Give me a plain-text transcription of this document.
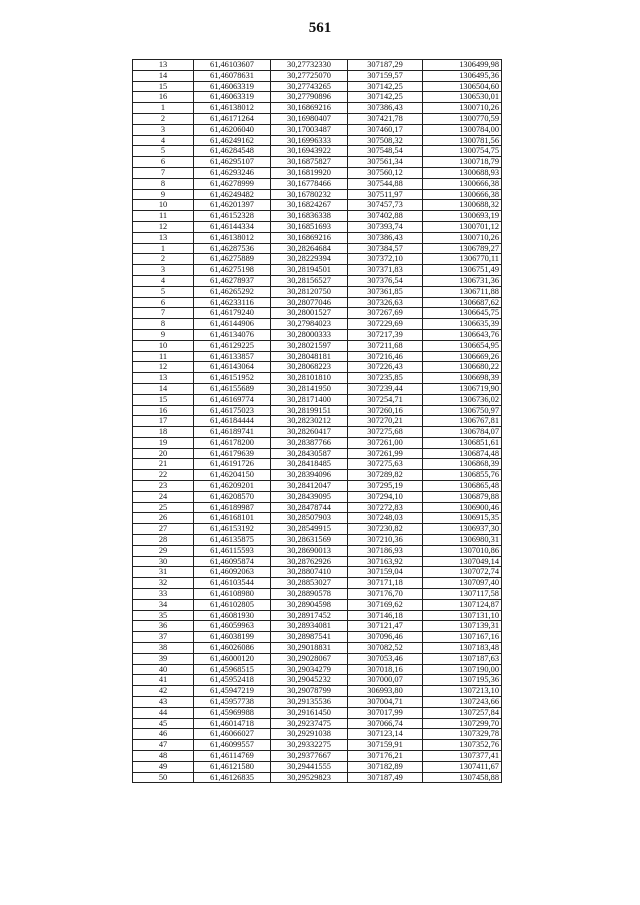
561
13	61,46103607	30,27732330	307187,29	1306499,98
14	61,46078631	30,27725070	307159,57	1306495,36
15	61,46063319	30,27743265	307142,25	1306504,60
16	61,46063319	30,27790896	307142,25	1306530,01
1	61,46138012	30,16869216	307386,43	1300710,26
2	61,46171264	30,16980407	307421,78	1300770,59
3	61,46206040	30,17003487	307460,17	1300784,00
4	61,46249162	30,16996333	307508,32	1300781,56
5	61,46284548	30,16943922	307548,54	1300754,75
6	61,46295107	30,16875827	307561,34	1300718,79
7	61,46293246	30,16819920	307560,12	1300688,93
8	61,46278999	30,16778466	307544,88	1300666,38
9	61,46249482	30,16780232	307511,97	1300666,38
10	61,46201397	30,16824267	307457,73	1300688,32
11	61,46152328	30,16836338	307402,88	1300693,19
12	61,46144334	30,16851693	307393,74	1300701,12
13	61,46138012	30,16869216	307386,43	1300710,26
1	61,46287536	30,28264684	307384,57	1306789,27
2	61,46275889	30,28229394	307372,10	1306770,11
3	61,46275198	30,28194501	307371,83	1306751,49
4	61,46278937	30,28156527	307376,54	1306731,36
5	61,46265292	30,28120750	307361,85	1306711,88
6	61,46233116	30,28077046	307326,63	1306687,62
7	61,46179240	30,28001527	307267,69	1306645,75
8	61,46144906	30,27984023	307229,69	1306635,39
9	61,46134076	30,28000333	307217,39	1306643,76
10	61,46129225	30,28021597	307211,68	1306654,95
11	61,46133857	30,28048181	307216,46	1306669,26
12	61,46143064	30,28068223	307226,43	1306680,22
13	61,46151952	30,28101810	307235,85	1306698,39
14	61,46155689	30,28141950	307239,44	1306719,90
15	61,46169774	30,28171400	307254,71	1306736,02
16	61,46175023	30,28199151	307260,16	1306750,97
17	61,46184444	30,28230212	307270,21	1306767,81
18	61,46189741	30,28260417	307275,68	1306784,07
19	61,46178200	30,28387766	307261,00	1306851,61
20	61,46179639	30,28430587	307261,99	1306874,48
21	61,46191726	30,28418485	307275,63	1306868,39
22	61,46204150	30,28394096	307289,82	1306855,76
23	61,46209201	30,28412047	307295,19	1306865,48
24	61,46208570	30,28439095	307294,10	1306879,88
25	61,46189987	30,28478744	307272,83	1306900,46
26	61,46168101	30,28507903	307248,03	1306915,35
27	61,46153192	30,28549915	307230,82	1306937,30
28	61,46135875	30,28631569	307210,36	1306980,31
29	61,46115593	30,28690013	307186,93	1307010,86
30	61,46095874	30,28762926	307163,92	1307049,14
31	61,46092063	30,28807410	307159,04	1307072,74
32	61,46103544	30,28853027	307171,18	1307097,40
33	61,46108980	30,28890578	307176,70	1307117,58
34	61,46102805	30,28904598	307169,62	1307124,87
35	61,46081930	30,28917452	307146,18	1307131,10
36	61,46059963	30,28934081	307121,47	1307139,31
37	61,46038199	30,28987541	307096,46	1307167,16
38	61,46026086	30,29018831	307082,52	1307183,48
39	61,46000120	30,29028067	307053,46	1307187,63
40	61,45968515	30,29034279	307018,16	1307190,00
41	61,45952418	30,29045232	307000,07	1307195,36
42	61,45947219	30,29078799	306993,80	1307213,10
43	61,45957738	30,29135536	307004,71	1307243,66
44	61,45969988	30,29161450	307017,99	1307257,84
45	61,46014718	30,29237475	307066,74	1307299,70
46	61,46066027	30,29291038	307123,14	1307329,78
47	61,46099557	30,29332275	307159,91	1307352,76
48	61,46114769	30,29377667	307176,21	1307377,41
49	61,46121580	30,29441555	307182,89	1307411,67
50	61,46126835	30,29529823	307187,49	1307458,88
